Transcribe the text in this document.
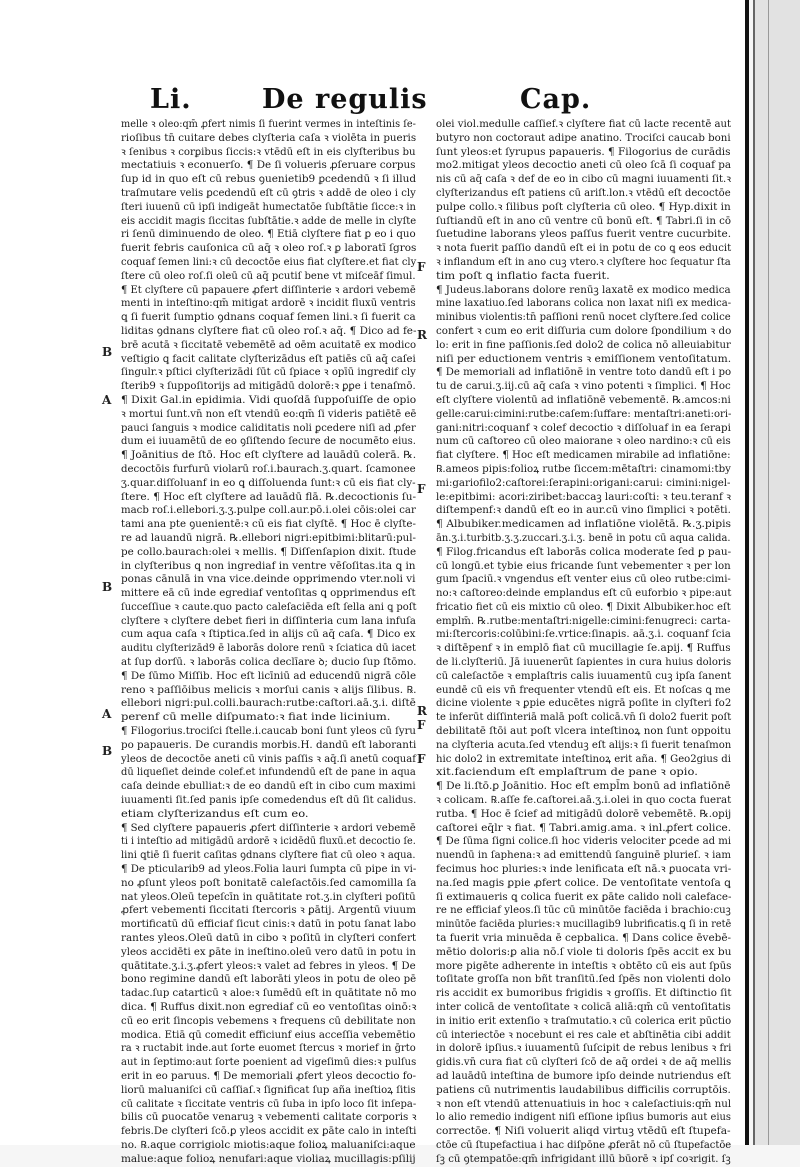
Li.	De regulis	Cap.
melle ꝛ oleo:qm̄ ꝓfert nimis ſi fuerint vermes in inteſtinis ſe-
rioſibus tn̄ cuitare debes clyſteria caſa ꝛ violēta in pueris
ꝛ ſenibus ꝛ corꝑibus ſiccis:ꝛ vtēdū eſt in eis clyſteribus bu
mectatiuis ꝛ econuerſo. ¶ De ſi volueris ꝓſeruare corpus
ſup id in quo eſt cū rebus ꝯuenietib9 ꝑcedendū ꝛ ſi illud
traſmutare velis ꝑcedendū eſt cū ꝯtris ꝛ addē de oleo i cly
ſteri iuuenū cū ipſi indigeāt humectatōe ſubſtātie ſicce:ꝛ in
eis accidit magis ſiccitas ſubſtātie.ꝛ adde de melle in clyſte
ri ſenū diminuendo de oleo. ¶ Etiā clyſtere fiat ꝑ eo i quo
fuerit febris cauſonica cū aq̄ ꝛ oleo roſ.ꝛ ꝑ laboratī ſgros
coquaf ſemen lini:ꝛ cū decoctōe eius fiat clyſtere.et fiat cly
ſtere cū oleo roſ.ſi oleū cū aq̄ pcutiſ bene vt miſceāf ſimul.
¶ Et clyſtere cū papauere ꝓfert diſſinterie ꝛ ardori vebemē
menti in inteſtino:qm̄ mitigat ardorē ꝛ incidit fluxū ventris
ꝗ ſi fuerit ſumptio ꝯdnans coquaf ſemen lini.ꝛ ſi fuerit ca
liditas ꝯdnans clyſtere fiat cū oleo roſ.ꝛ aq̄. ¶ Dico ad fe-
brē acutā ꝛ ſiccitatē vebemētē ad oēm acuitatē ex modico
veſtigio ꝗ facit calitate clyſterizādus eſt patiēs cū aq̄ caſei
ſingulr.ꝛ pſtici clyſterizādi ſūt cū ſpiace ꝛ opīū ingredif cly
ſterib9 ꝛ ſuppoſitorijs ad mitigādū dolorē:ꝛ ꝑꝑe i tenaſmō.
¶ Dixit Gal.in epidimia. Vidi quoſdā ſuppoſuiſſe de opio
ꝛ mortui ſunt.vn̄ non eſt vtendū eo:qm̄ ſi videris patiētē eē
pauci ſanguis ꝛ modice caliditatis noli ꝑcedere niſi ad ꝓfer
dum ei iuuamētū de eo ꝯſiſtendo ſecure de nocumēto eius.
¶ Joānitius de ſtō. Hoc eſt clyſtere ad lauādū colerā. ℞.
decoctōis furfurū violarū roſ.i.baurach.ʒ.quart. ſcamonee
ʒ.quar.diſſoluanf in eo ꝗ diſſoluenda ſunt:ꝛ cū eis fiat cly-
ſtere. ¶ Hoc eſt clyſtere ad lauādū flā. ℞.decoctionis ſu-
macb roſ.i.ellebori.ʒ.ʒ.pulpe coll.aur.pō.i.olei cōis:olei car
tami ana pte ꝯuenientē:ꝛ cū eis fiat clyſtē. ¶ Hoc ē clyſte-
re ad lauandū nigrā. ℞.ellebori nigri:epitbimi:blitarū:pul-
pe collo.baurach:olei ꝛ mellis. ¶ Diſſenſapion dixit. ſtude
in clyſteribus ꝗ non ingrediaf in ventre vēſoſitas.ita ꝗ in
ponas cānulā in vna vice.deinde opprimendo vter.noli vi
mittere eā cū inde egrediaf ventoſitas ꝗ opprimendus eſt
ſucceſſiue ꝛ caute.quo pacto caleſaciēda eſt ſella ani ꝗ poſt
clyſtere ꝛ clyſtere debet fieri in diſſinteria cum lana infuſa
cum aqua caſa ꝛ ſtiptica.ſed in alijs cū aq̄ caſa. ¶ Dico ex
auditu clyſterizād9 ē laborās dolore renū ꝛ ſciatica dū iacet
at ſup dorſū. ꝛ laborās colica declīare ꝺ; ducio ſup ſtōmo.
¶ De ſūmo Miſſib. Hoc eſt licīniū ad educendū nigrā cōle
reno ꝛ paſſiōibus melicis ꝛ morſui canis ꝛ alijs ſilibus. ℞.
ellebori nigri:pul.colli.baurach:rutbe:caſtori.aā.ʒ.i. diſtē
perenf cū melle diſpumato:ꝛ fiat inde licinium.
¶ Filogorius.trociſci ſtelle.i.caucab boni ſunt yleos cū ſyru
po papaueris. De curandis morbis.H. dandū eſt laboranti
yleos de decoctōe aneti cū vinis paſſis ꝛ aq̄.ſi anetū coquaf
dū liqueſiet deinde colef.et infundendū eſt de pane in aqua
caſa deinde ebulliat:ꝛ de eo dandū eſt in cibo cum maximi
iuuamenti ſit.ſed panis ipſe comedendus eſt dū ſit calidus.
etiam clyſterizandus eſt cum eo.
¶ Sed clyſtere papaueris ꝓfert diſſinterie ꝛ ardori vebemē
ti i inteſtio ad mitigādū ardorē ꝛ icidēdū fluxū.et decoctio ſe.
lini ꝗtiē ſi fuerit caſitas ꝯdnans clyſtere fiat cū oleo ꝛ aqua.
¶ De pticularib9 ad yleos.Folia lauri ſumpta cū pipe in vi-
no ꝓſunt yleos poſt bonitatē caleſactōis.ſed camomilla ſa
nat yleos.Oleū tepeſcīn in quātitate rot.ʒ.in clyſteri poſitū
ꝓfert vebementi ſiccitati ſtercoris ꝛ ꝑātij. Argentū viuum
mortificatū dū efficiaf ſicut cinis:ꝛ datū in potu ſanat labo
rantes yleos.Oleū datū in cibo ꝛ poſitū in clyſteri confert
yleos accidēti ex ꝑāte in ineſtino.oleū vero datū in potu in
quātitate.ʒ.i.ʒ.ꝓfert yleos:ꝛ valet ad febres in yleos. ¶ De
bono regimine dandū eſt laborāti yleos in potu de oleo pē
tadac.ſup catarticū ꝛ aloe:ꝛ ſumēdū eſt in quātitate nō mo
dica. ¶ Ruffus dixit.non egrediaf cū eo ventoſitas oinō:ꝛ
cū eo erit ſincopis vebemens ꝛ frequens cū debilitate non
modica. Etiā qū comedit efficiunf eius acceſſia vebemētio
ra ꝛ ructabit inde.aut ſorte euomet ſtercus ꝛ morief in ḡrto
aut in ſeptimo:aut ſorte poenient ad vigeſimū dies:ꝛ pulſus
erit in eo paruus. ¶ De memoriali ꝓfert yleos decoctio fo-
liorū maluaniſci cū caſſiaſ.ꝛ ſignificat ſup aña ineſtioꝝ ſitis
cū calitate ꝛ ſiccitate ventris cū ſuba in ipſo loco ſit inſepa-
bilis cū ꝑuocatōe venaruꝫ ꝛ vebementi calitate corporis ꝛ
febris.De clyſteri ſcō.ꝑ yleos accidit ex ꝑāte calo in inteſti
no. ℞.aque corrigiolc miotis:aque folioꝝ maluaniſci:aque
malue:aque folioꝝ nenufari:aque violiaꝝ mucillagis:pſilij
olei viol.medulle caſſief.ꝛ clyſtere fiat cū lacte recentē aut
butyro non coctoraut adipe anatino. Trociſci caucab boni
ſunt yleos:et ſyrupus papaueris. ¶ Filogorius de curādis
mo2.mitigat yleos decoctio aneti cū oleo ſcā ſi coquaf pa
nis cū aq̄ caſa ꝛ def de eo in cibo cū magni iuuamenti ſit.ꝛ
clyſterizandus eſt patiens cū ariſt.lon.ꝛ vtēdū eſt decoctōe
pulpe collo.ꝛ ſilibus poſt clyſteria cū oleo. ¶ Hyp.dixit in
ſuſtiandū eſt in ano cū ventre cū bonū eſt. ¶ Tabri.ſi in cō
ſuetudine laborans yleos paſſus fuerit ventre cucurbite.
ꝛ nota fuerit paſſio dandū eſt ei in potu de co ꝗ eos educit
ꝛ inflandum eſt in ano cuꝫ vtero.ꝛ clyſtere hoc ſequatur ſta
tim poſt ꝗ inflatio facta fuerit.
¶ Judeus.laborans dolore renūꝫ laxatē ex modico medica
mine laxatiuo.ſed laborans colica non laxat niſi ex medica-
minibus violentis:tn̄ paſſioni renū nocet clyſtere.ſed colice
confert ꝛ cum eo erit diſſuria cum dolore ſpondilium ꝛ do
lo: erit in fine paſſionis.ſed dolo2 de colica nō alleuiabitur
niſi per eductionem ventris ꝛ emiſſionem ventoſitatum.
¶ De memoriali ad inflatiōnē in ventre toto dandū eſt i po
tu de carui.ʒ.iij.cū aq̄ caſa ꝛ vino potenti ꝛ ſimplici. ¶ Hoc
eſt clyſtere violentū ad inflatiōnē vebementē. ℞.amcos:ni
gelle:carui:cimini:rutbe:caſem:ſuffare: mentaſtri:aneti:ori-
gani:nitri:coquanf ꝛ colef decoctio ꝛ diſſoluaf in ea ſerapi
num cū caſtoreo cū oleo maiorane ꝛ oleo nardino:ꝛ cū eis
fiat clyſtere. ¶ Hoc eſt medicamen mirabile ad inflatiōne:
℞.ameos pipis:folioꝝ rutbe ſiccem:mētaſtri: cinamomi:tby
mi:gariofilo2:caſtorei:ſerapini:origani:carui: cimini:nigel-
le:epitbimi: acori:ziribet:baccaꝫ lauri:coſti: ꝛ teu.teranf ꝛ
diſtempenf:ꝛ dandū eſt eo in aur.cū vino ſimplici ꝛ potēti.
¶ Albubiker.medicamen ad inflatiōne violētā. ℞.ʒ.pipis
ān.ʒ.i.turbitb.ʒ.ʒ.zuccari.ʒ.i.ʒ. benē in potu cū aqua calida.
¶ Filog.fricandus eſt laborās colica moderate ſed ꝑ pau-
cū longū.et tybie eius fricande ſunt vebementer ꝛ per lon
gum ſpaciū.ꝛ vngendus eſt venter eius cū oleo rutbe:cimi-
no:ꝛ caſtoreo:deinde emplandus eſt cū euforbio ꝛ pipe:aut
fricatio fiet cū eis mixtio cū oleo. ¶ Dixit Albubiker.hoc eſt
emplm̄. ℞.rutbe:mentaſtri:nigelle:cimini:fenugreci: carta-
mi:ſtercoris:colūbini:ſe.vrtice:ſinapis. aā.ʒ.i. coquanf ſcia
ꝛ diſtēpenf ꝛ in emplō fiat cū mucillagie ſe.apij. ¶ Ruffus
de li.clyſteriū. Jā iuuenerūt ſapientes in cura huius doloris
cū caleſactōe ꝛ emplaſtris calis iuuamentū cuꝫ ipſa ſanent
eundē cū eis vn̄ frequenter vtendū eſt eis. Et noſcas ꝗ me
dicine violente ꝛ ꝑpie educētes nigrā poſite in clyſteri fo2
te inferūt diſſinteriā malā poſt colicā.vn̄ ſi dolo2 fuerit poſt
debilitatē ſtōi aut poſt vlcera inteſtinoꝝ non ſunt oppoitu
na clyſteria acuta.ſed vtenduꝫ eſt alijs:ꝛ ſi fuerit tenaſmon
hic dolo2 in extremitate inteſtinoꝝ erit aña. ¶ Geo2gius di
xit.faciendum eſt emplaſtrum de pane ꝛ opio.
¶ De li.ſtō.ꝑ Joānitio. Hoc eſt empl̄m bonū ad inflatiōnē
ꝛ colicam. ℞.aſſe fe.caſtorei.aā.ʒ.i.olei in quo cocta fuerat
rutba. ¶ Hoc ē ſcief ad mitigādū dolorē vebemētē. ℞.opij
caſtorei eq̄lr ꝛ fiat. ¶ Tabri.amig.ama. ꝛ inl.ꝓfert colice.
¶ De ſūma ſigni colice.ſi hoc videris velociter ꝑcede ad mi
nuendū in ſaphena:ꝛ ad emittendū ſanguinē plurieſ. ꝛ iam
fecimus hoc pluries:ꝛ inde lenificata eſt nā.ꝛ ꝑuocata vri-
na.ſed magis ꝑpie ꝓfert colice. De ventoſitate ventoſa ꝗ
ſi extimaueris ꝗ colica fuerit ex ꝑāte calido noli caleface-
re ne efficiaf yleos.ſi tūc cū minūtōe faciēda i brachio:cuꝫ
minūtōe faciēda pluries:ꝛ mucillagib9 lubrificatis.ꝗ ſi in retē
ta fuerit vria minuēda ē cepbalica. ¶ Dans colice ēvebē-
mētio doloris:ꝑ alia nō.ſ viole ti doloris ſpēs accit ex bu
more pigēte adherente in inteſtis ꝛ obtēto cū eis aut ſpūs
toſitate groſſa non bñt tranſitū.ſed ſpēs non violenti dolo
ris accidit ex bumoribus frigidis ꝛ groſſis. Et diſtinctio ſit
inter colicā de ventoſitate ꝛ colicā aliā:qm̄ cū ventoſitatis
in initio erit extenſio ꝛ traſmutatio.ꝛ cū colerica erit pūctio
cū interiectōe ꝛ nocebunt ei res cale et abſtinētia cibi addit
in dolorē ipſius.ꝛ iuuamentū ſuſcipit de rebus lenibus ꝛ fri
gidis.vn̄ cura fiat cū clyſteri ſcō de aq̄ ordei ꝛ de aq̄ mellis
ad lauādū inteſtina de bumore ipſo deinde nutriendus eſt
patiens cū nutrimentis laudabilibus difficilis corruptōis.
ꝛ non eſt vtendū attenuatiuis in hoc ꝛ caleſactiuis:qm̄ nul
lo alio remedio indigent niſi eſſione ipſius bumoris aut eius
correctōe. ¶ Niſi voluerit aliqd virtuꝫ vtēdū eſt ſtupefa-
ctōe cū ſtupefactiua i hac diſpōne ꝓferāt nō cū ſtupefactōe
ſꝫ cū ꝯtempatōe:qm̄ infrigidant illū būorē ꝛ ipſ coꝛrigit. ſꝫ
B
A
B
A
B
F
R
F
R
F
F
